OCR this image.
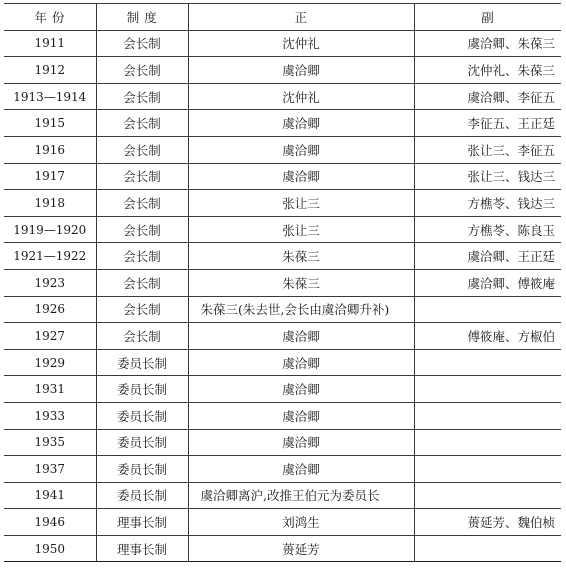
年 份	制 度	正	副
1911	会长制	沈仲礼	虞洽卿、朱葆三
1912	会长制	虞洽卿	沈仲礼、朱葆三
1913—1914	会长制	沈仲礼	虞洽卿、李征五
1915	会长制	虞洽卿	李征五、王正廷
1916	会长制	虞洽卿	张让三、李征五
1917	会长制	虞洽卿	张让三、钱达三
1918	会长制	张让三	方樵苓、钱达三
1919—1920	会长制	张让三	方樵苓、陈良玉
1921—1922	会长制	朱葆三	虞洽卿、王正廷
1923	会长制	朱葆三	虞洽卿、傅筱庵
1926	会长制	朱葆三(朱去世,会长由虞洽卿升补)	
1927	会长制	虞洽卿	傅筱庵、方椒伯
1929	委员长制	虞洽卿	
1931	委员长制	虞洽卿	
1933	委员长制	虞洽卿	
1935	委员长制	虞洽卿	
1937	委员长制	虞洽卿	
1941	委员长制	虞洽卿离沪,改推王伯元为委员长	
1946	理事长制	刘鸿生	蒉延芳、魏伯桢
1950	理事长制	蒉延芳	
